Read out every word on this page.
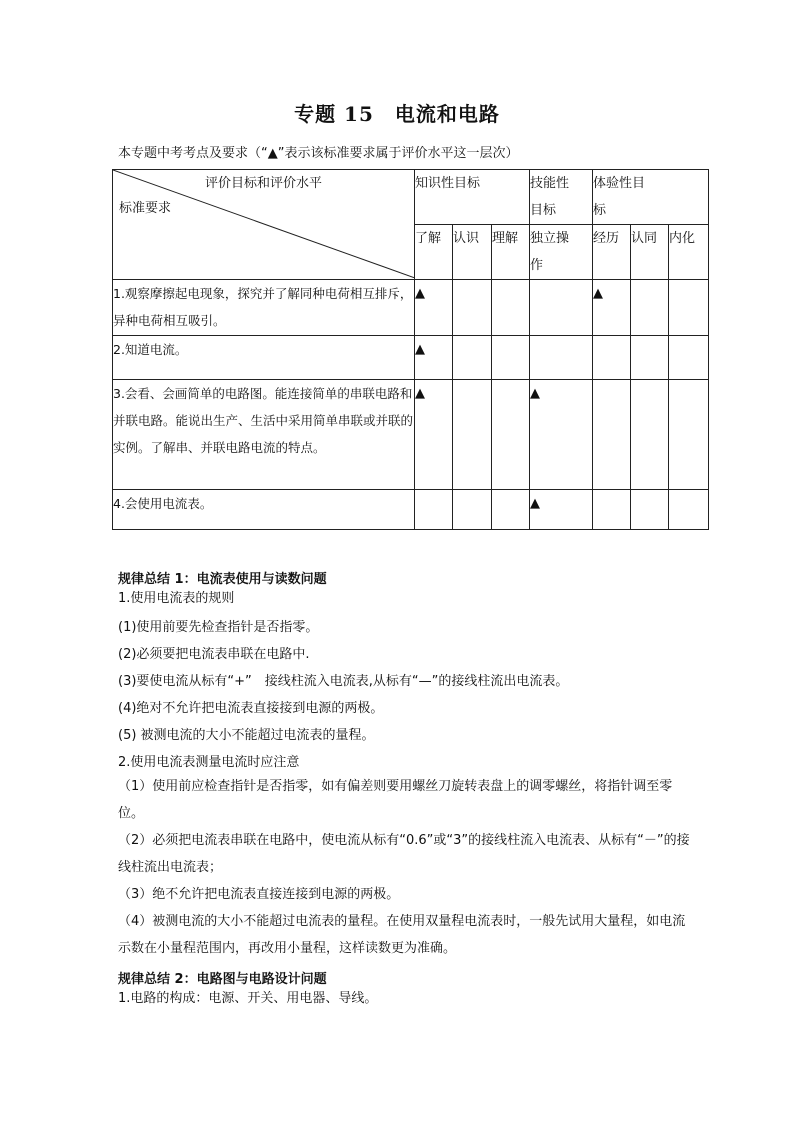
专题 15　电流和电路
本专题中考考点及要求（“▲”表示该标准要求属于评价水平这一层次）
评价目标和评价水平
标准要求	知识性目标			技能性目标	体验性目标		
	了解	认识	理解	独立操作	经历	认同	内化
1.观察摩擦起电现象，探究并了解同种电荷相互排斥，异种电荷相互吸引。	▲				▲		
2.知道电流。	▲						
3.会看、会画简单的电路图。能连接简单的串联电路和并联电路。能说出生产、生活中采用简单串联或并联的实例。了解串、并联电路电流的特点。	▲			▲			
4.会使用电流表。				▲			
规律总结 1：电流表使用与读数问题
1.使用电流表的规则
(1)使用前要先检查指针是否指零。
(2)必须要把电流表串联在电路中.
(3)要使电流从标有“+”　接线柱流入电流表,从标有“—”的接线柱流出电流表。
(4)绝对不允许把电流表直接接到电源的两极。
(5) 被测电流的大小不能超过电流表的量程。
2.使用电流表测量电流时应注意
（1）使用前应检查指针是否指零，如有偏差则要用螺丝刀旋转表盘上的调零螺丝，将指针调至零位。
（2）必须把电流表串联在电路中，使电流从标有“0.6”或“3”的接线柱流入电流表、从标有“－”的接线柱流出电流表；
（3）绝不允许把电流表直接连接到电源的两极。
（4）被测电流的大小不能超过电流表的量程。在使用双量程电流表时，一般先试用大量程，如电流示数在小量程范围内，再改用小量程，这样读数更为准确。
规律总结 2：电路图与电路设计问题
1.电路的构成：电源、开关、用电器、导线。
